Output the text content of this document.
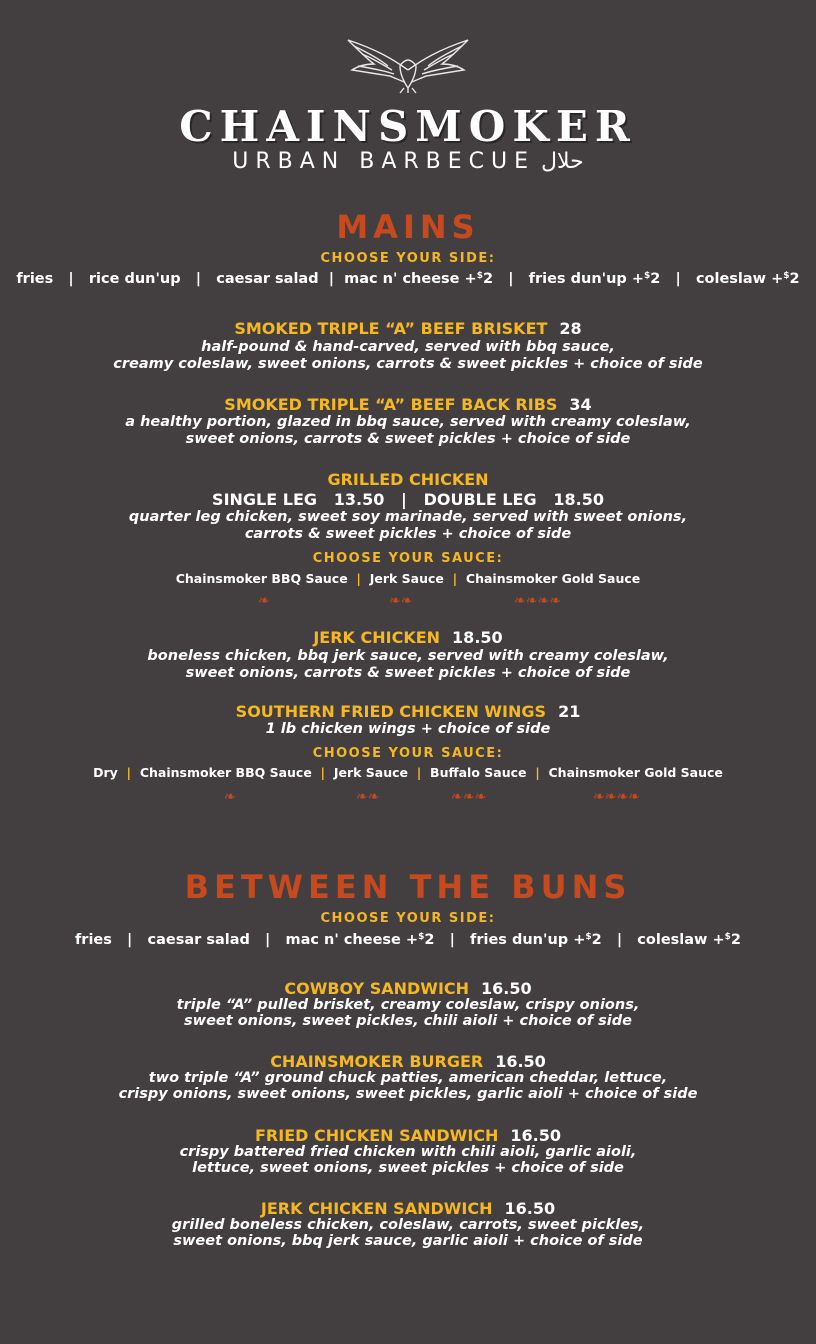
CHAINSMOKER
URBAN BARBECUE حلال
MAINS
CHOOSE YOUR SIDE:
fries   |   rice dun'up   |   caesar salad  |  mac n' cheese +$2   |   fries dun'up +$2   |   coleslaw +$2
SMOKED TRIPLE “A” BEEF BRISKET 28
half-pound & hand-carved, served with bbq sauce,
creamy coleslaw, sweet onions, carrots & sweet pickles + choice of side
SMOKED TRIPLE “A” BEEF BACK RIBS 34
a healthy portion, glazed in bbq sauce, served with creamy coleslaw,
sweet onions, carrots & sweet pickles + choice of side
GRILLED CHICKEN
SINGLE LEG 13.50   |   DOUBLE LEG 18.50
quarter leg chicken, sweet soy marinade, served with sweet onions,
carrots & sweet pickles + choice of side
CHOOSE YOUR SAUCE:
Chainsmoker BBQ Sauce | Jerk Sauce | Chainsmoker Gold Sauce
❧	❧❧	❧❧❧❧
JERK CHICKEN 18.50
boneless chicken, bbq jerk sauce, served with creamy coleslaw,
sweet onions, carrots & sweet pickles + choice of side
SOUTHERN FRIED CHICKEN WINGS 21
1 lb chicken wings + choice of side
CHOOSE YOUR SAUCE:
Dry | Chainsmoker BBQ Sauce | Jerk Sauce | Buffalo Sauce | Chainsmoker Gold Sauce
❧	❧❧	❧❧❧	❧❧❧❧
BETWEEN THE BUNS
CHOOSE YOUR SIDE:
fries   |   caesar salad   |   mac n' cheese +$2   |   fries dun'up +$2   |   coleslaw +$2
COWBOY SANDWICH 16.50
triple “A” pulled brisket, creamy coleslaw, crispy onions,
sweet onions, sweet pickles, chili aioli + choice of side
CHAINSMOKER BURGER 16.50
two triple “A” ground chuck patties, american cheddar, lettuce,
crispy onions, sweet onions, sweet pickles, garlic aioli + choice of side
FRIED CHICKEN SANDWICH 16.50
crispy battered fried chicken with chili aioli, garlic aioli,
lettuce, sweet onions, sweet pickles + choice of side
JERK CHICKEN SANDWICH 16.50
grilled boneless chicken, coleslaw, carrots, sweet pickles,
sweet onions, bbq jerk sauce, garlic aioli + choice of side
